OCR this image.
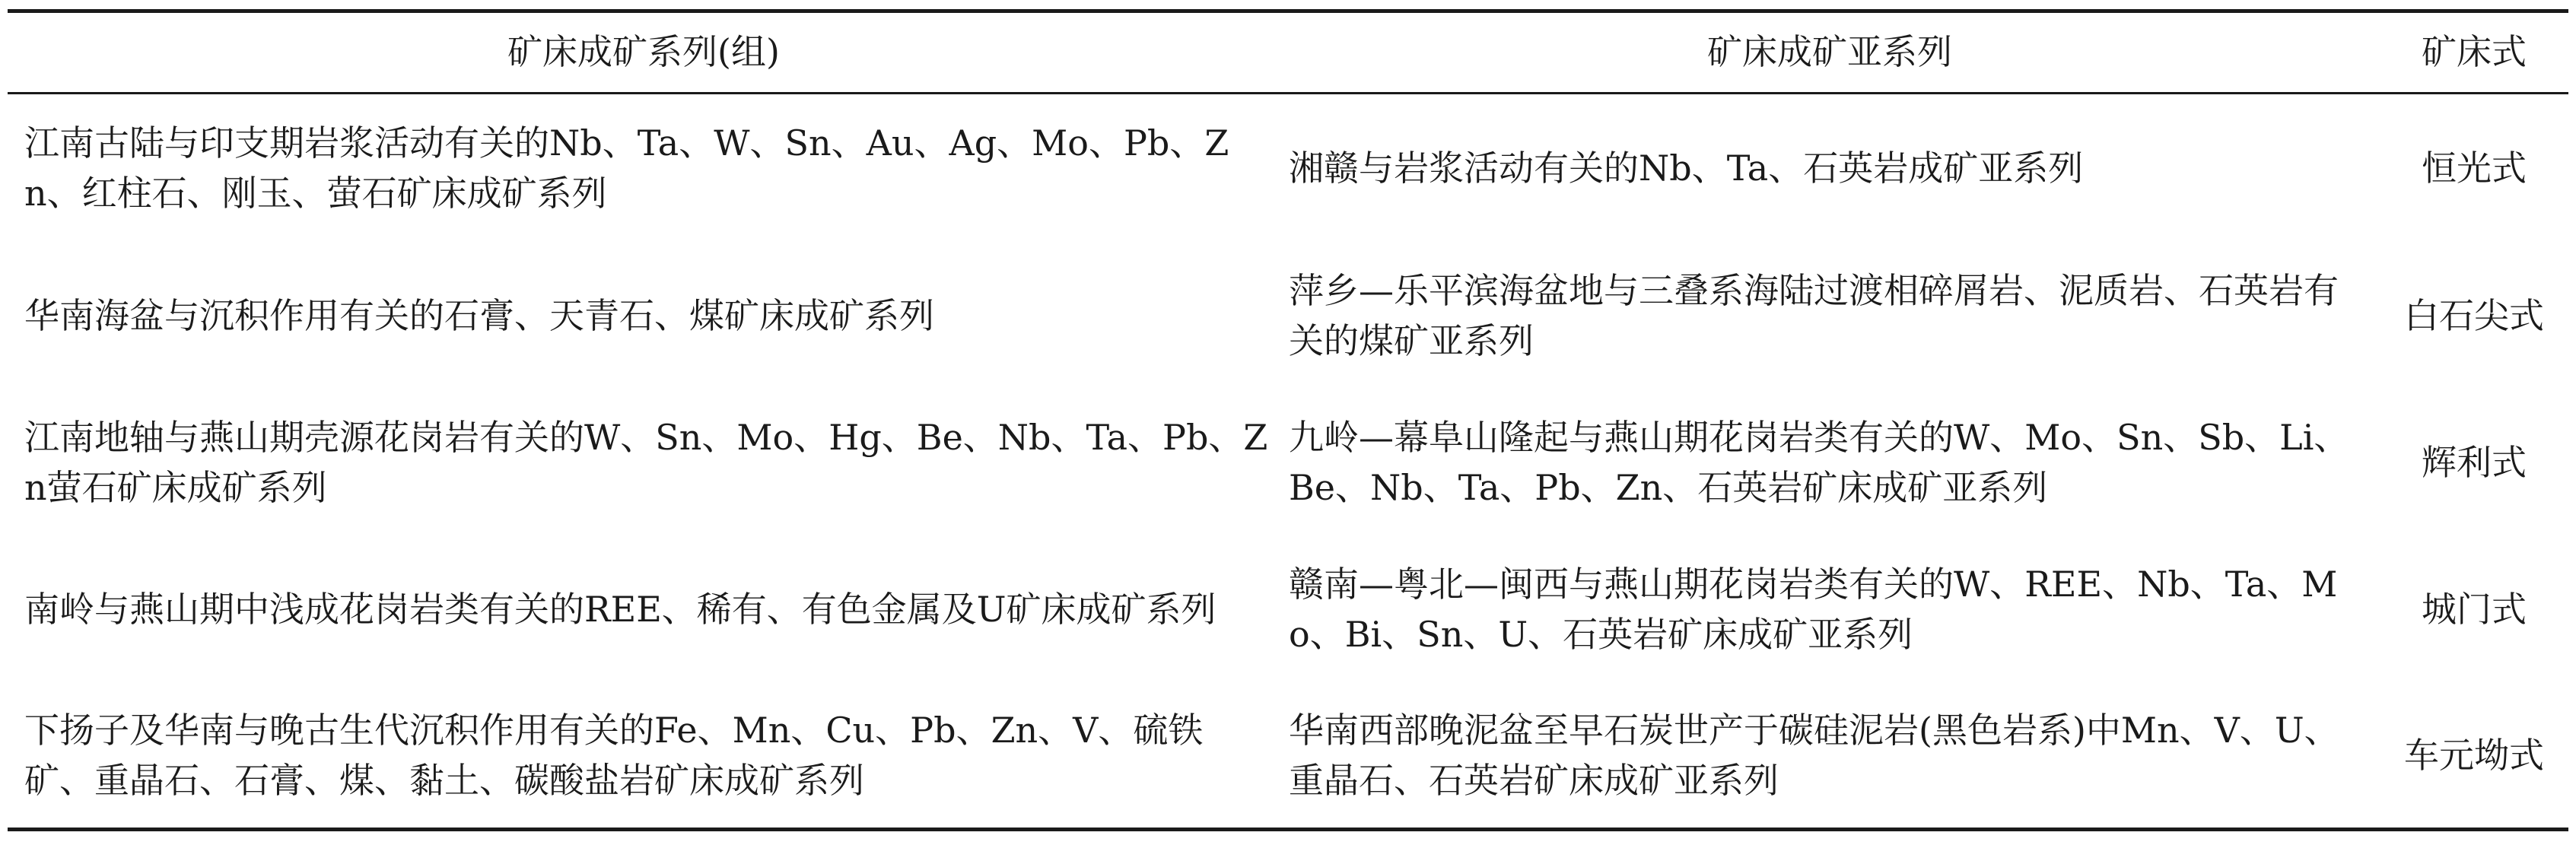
矿床成矿系列(组)	矿床成矿亚系列	矿床式
江南古陆与印支期岩浆活动有关的Nb、Ta、W、Sn、Au、Ag、Mo、Pb、Zn、红柱石、刚玉、萤石矿床成矿系列	湘赣与岩浆活动有关的Nb、Ta、石英岩成矿亚系列	恒光式
华南海盆与沉积作用有关的石膏、天青石、煤矿床成矿系列	萍乡—乐平滨海盆地与三叠系海陆过渡相碎屑岩、泥质岩、石英岩有关的煤矿亚系列	白石尖式
江南地轴与燕山期壳源花岗岩有关的W、Sn、Mo、Hg、Be、Nb、Ta、Pb、Zn萤石矿床成矿系列	九岭—幕阜山隆起与燕山期花岗岩类有关的W、Mo、Sn、Sb、Li、Be、Nb、Ta、Pb、Zn、石英岩矿床成矿亚系列	辉利式
南岭与燕山期中浅成花岗岩类有关的REE、稀有、有色金属及U矿床成矿系列	赣南—粤北—闽西与燕山期花岗岩类有关的W、REE、Nb、Ta、Mo、Bi、Sn、U、石英岩矿床成矿亚系列	城门式
下扬子及华南与晚古生代沉积作用有关的Fe、Mn、Cu、Pb、Zn、V、硫铁矿、重晶石、石膏、煤、黏土、碳酸盐岩矿床成矿系列	华南西部晚泥盆至早石炭世产于碳硅泥岩(黑色岩系)中Mn、V、U、重晶石、石英岩矿床成矿亚系列	车元坳式
